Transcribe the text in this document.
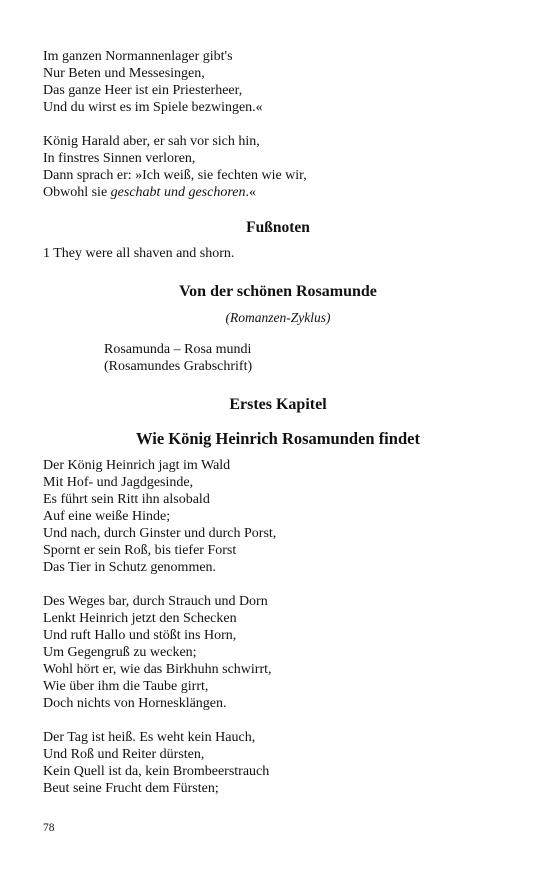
Im ganzen Normannenlager gibt's
Nur Beten und Messesingen,
Das ganze Heer ist ein Priesterheer,
Und du wirst es im Spiele bezwingen.«
König Harald aber, er sah vor sich hin,
In finstres Sinnen verloren,
Dann sprach er: »Ich weiß, sie fechten wie wir,
Obwohl sie geschabt und geschoren.«
Fußnoten
1 They were all shaven and shorn.
Von der schönen Rosamunde
(Romanzen-Zyklus)
Rosamunda – Rosa mundi
(Rosamundes Grabschrift)
Erstes Kapitel
Wie König Heinrich Rosamunden findet
Der König Heinrich jagt im Wald
Mit Hof- und Jagdgesinde,
Es führt sein Ritt ihn alsobald
Auf eine weiße Hinde;
Und nach, durch Ginster und durch Porst,
Spornt er sein Roß, bis tiefer Forst
Das Tier in Schutz genommen.
Des Weges bar, durch Strauch und Dorn
Lenkt Heinrich jetzt den Schecken
Und ruft Hallo und stößt ins Horn,
Um Gegengruß zu wecken;
Wohl hört er, wie das Birkhuhn schwirrt,
Wie über ihm die Taube girrt,
Doch nichts von Hornesklängen.
Der Tag ist heiß. Es weht kein Hauch,
Und Roß und Reiter dürsten,
Kein Quell ist da, kein Brombeerstrauch
Beut seine Frucht dem Fürsten;
78
